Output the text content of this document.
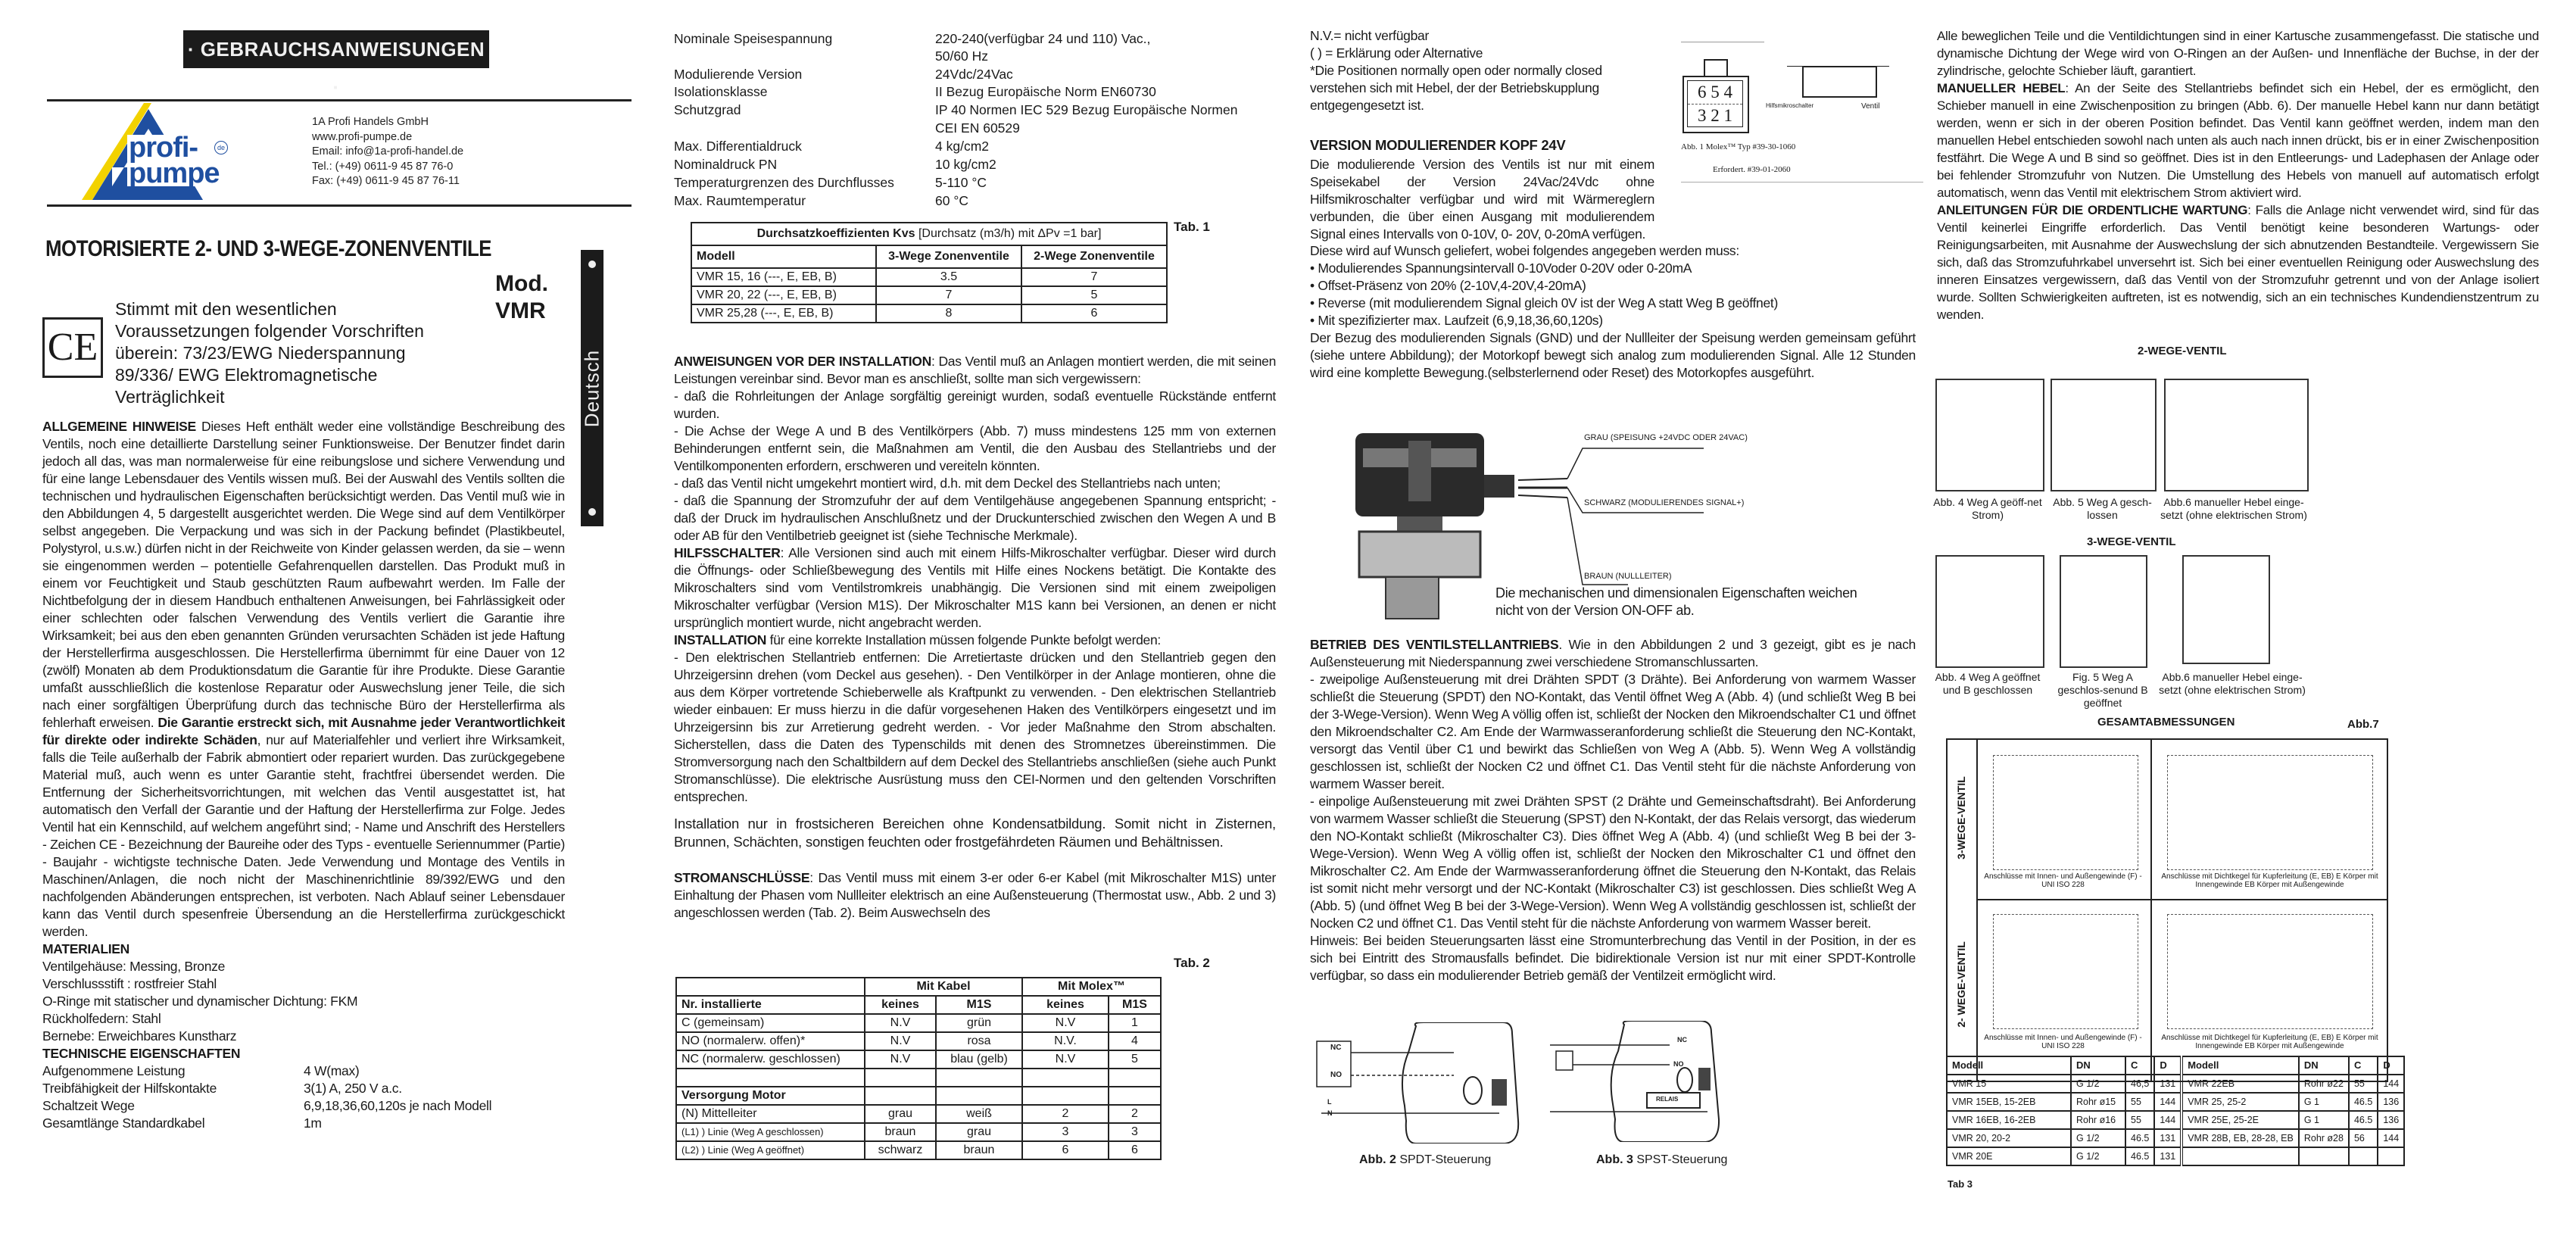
· GEBRAUCHSANWEISUNGEN ·
profi-
pumpe
de
1A Profi Handels GmbH
www.profi-pumpe.de
Email: info@1a-profi-handel.de
Tel.: (+49) 0611-9 45 87 76-0
Fax: (+49) 0611-9 45 87 76-11
MOTORISIERTE 2- UND 3-WEGE-ZONENVENTILE
Mod.
VMR
CE
Stimmt mit den wesentlichen
Voraussetzungen folgender Vorschriften
überein: 73/23/EWG Niederspannung
89/336/ EWG Elektromagnetische
Verträglichkeit	Deutsch

ALLGEMEINE HINWEISE Dieses Heft enthält weder eine vollständige Beschreibung des Ventils, noch eine detaillierte Darstellung seiner Funktionsweise. Der Benutzer findet darin jedoch all das, was man normalerweise für eine reibungslose und sichere Verwendung und für eine lange Lebensdauer des Ventils wissen muß. Bei der Auswahl des Ventils sollten die technischen und hydraulischen Eigenschaften berücksichtigt werden. Das Ventil muß wie in den Abbildungen 4, 5 dargestellt ausgerichtet werden. Die Wege sind auf dem Ventilkörper selbst angegeben. Die Verpackung und was sich in der Packung befindet (Plastikbeutel, Polystyrol, u.s.w.) dürfen nicht in der Reichweite von Kinder gelassen werden, da sie – wenn sie eingenommen werden – potentielle Gefahrenquellen darstellen. Das Produkt muß in einem vor Feuchtigkeit und Staub geschützten Raum aufbewahrt werden. Im Falle der Nichtbefolgung der in diesem Handbuch enthaltenen Anweisungen, bei Fahrlässigkeit oder einer schlechten oder falschen Verwendung des Ventils verliert die Garantie ihre Wirksamkeit; bei aus den eben genannten Gründen verursachten Schäden ist jede Haftung der Herstellerfirma ausgeschlossen. Die Herstellerfirma übernimmt für eine Dauer von 12 (zwölf) Monaten ab dem Produktionsdatum die Garantie für ihre Produkte. Diese Garantie umfaßt ausschließlich die kostenlose Reparatur oder Auswechslung jener Teile, die sich nach einer sorgfältigen Überprüfung durch das technische Büro der Herstellerfirma als fehlerhaft erweisen. Die Garantie erstreckt sich, mit Ausnahme jeder Verantwortlichkeit für direkte oder indirekte Schäden, nur auf Materialfehler und verliert ihre Wirksamkeit, falls die Teile außerhalb der Fabrik abmontiert oder repariert wurden. Das zurückgegebene Material muß, auch wenn es unter Garantie steht, frachtfrei übersendet werden. Die Entfernung der Sicherheitsvorrichtungen, mit welchen das Ventil ausgestattet ist, hat automatisch den Verfall der Garantie und der Haftung der Herstellerfirma zur Folge. Jedes Ventil hat ein Kennschild, auf welchem angeführt sind; - Name und Anschrift des Herstellers - Zeichen CE - Bezeichnung der Baureihe oder des Typs - eventuelle Seriennummer (Partie) - Baujahr - wichtigste technische Daten. Jede Verwendung und Montage des Ventils in Maschinen/Anlagen, die noch nicht der Maschinenrichtlinie 89/392/EWG und den nachfolgenden Abänderungen entsprechen, ist verboten. Nach Ablauf seiner Lebensdauer kann das Ventil durch spesenfreie Übersendung an die Herstellerfirma zurückgeschickt werden.

MATERIALIEN

Ventilgehäuse: Messing, Bronze

Verschlussstift : rostfreier Stahl

O-Ringe mit statischer und dynamischer Dichtung: FKM

Rückholfedern: Stahl

Bernebe: Erweichbares Kunstharz

TECHNISCHE EIGENSCHAFTEN

Aufgenommene Leistung	4 W(max)
Treibfähigkeit der Hilfskontakte	3(1) A, 250 V a.c.
Schaltzeit Wege	6,9,18,36,60,120s je nach Modell
Gesamtlänge Standardkabel	1m
Nominale Speisespannung	220-240(verfügbar 24 und 110) Vac.,
50/60 Hz
Modulierende Version	24Vdc/24Vac
Isolationsklasse	II Bezug Europäische Norm EN60730
Schutzgrad	IP 40 Normen IEC 529 Bezug Europäische Normen
CEI EN 60529
Max. Differentialdruck	4 kg/cm2
Nominaldruck PN	10 kg/cm2
Temperaturgrenzen des Durchflusses	5-110 °C
Max. Raumtemperatur	60 °C
Tab. 1
Durchsatzkoeffizienten Kvs [Durchsatz (m3/h) mit ΔPv =1 bar]		
Modell	3-Wege Zonenventile	2-Wege Zonenventile
VMR 15, 16 (---, E, EB, B)	3.5	7
VMR 20, 22 (---, E, EB, B)	7	5
VMR 25,28 (---, E, EB, B)	8	6

ANWEISUNGEN VOR DER INSTALLATION: Das Ventil muß an Anlagen montiert werden, die mit seinen Leistungen vereinbar sind. Bevor man es anschließt, sollte man sich vergewissern:

- daß die Rohrleitungen der Anlage sorgfältig gereinigt wurden, sodaß eventuelle Rückstände entfernt wurden.

- Die Achse der Wege A und B des Ventilkörpers (Abb. 7) muss mindestens 125 mm von externen Behinderungen entfernt sein, die Maßnahmen am Ventil, die den Ausbau des Stellantriebs und der Ventilkomponenten erfordern, erschweren und vereiteln könnten.

- daß das Ventil nicht umgekehrt montiert wird, d.h. mit dem Deckel des Stellantriebs nach unten;

- daß die Spannung der Stromzufuhr der auf dem Ventilgehäuse angegebenen Spannung entspricht; - daß der Druck im hydraulischen Anschlußnetz und der Druckunterschied zwischen den Wegen A und B oder AB für den Ventilbetrieb geeignet ist (siehe Technische Merkmale).

HILFSSCHALTER: Alle Versionen sind auch mit einem Hilfs-Mikroschalter verfügbar. Dieser wird durch die Öffnungs- oder Schließbewegung des Ventils mit Hilfe eines Nockens betätigt. Die Kontakte des Mikroschalters sind vom Ventilstromkreis unabhängig. Die Versionen sind mit einem zweipoligen Mikroschalter verfügbar (Version M1S). Der Mikroschalter M1S kann bei Versionen, an denen er nicht ursprünglich montiert wurde, nicht angebracht werden.

INSTALLATION für eine korrekte Installation müssen folgende Punkte befolgt werden:

- Den elektrischen Stellantrieb entfernen: Die Arretiertaste drücken und den Stellantrieb gegen den Uhrzeigersinn drehen (vom Deckel aus gesehen). - Den Ventilkörper in der Anlage montieren, ohne die aus dem Körper vortretende Schieberwelle als Kraftpunkt zu verwenden. - Den elektrischen Stellantrieb wieder einbauen: Er muss hierzu in die dafür vorgesehenen Haken des Ventilkörpers eingesetzt und im Uhrzeigersinn bis zur Arretierung gedreht werden. - Vor jeder Maßnahme den Strom abschalten. Sicherstellen, dass die Daten des Typenschilds mit denen des Stromnetzes übereinstimmen. Die Stromversorgung nach den Schaltbildern auf dem Deckel des Stellantriebs anschließen (siehe auch Punkt Stromanschlüsse). Die elektrische Ausrüstung muss den CEI-Normen und den geltenden Vorschriften entsprechen.

Installation nur in frostsicheren Bereichen ohne Kondensatbildung. Somit nicht in Zisternen, Brunnen, Schächten, sonstigen feuchten oder frostgefährdeten Räumen und Behältnissen.

STROMANSCHLÜSSE: Das Ventil muss mit einem 3-er oder 6-er Kabel (mit Mikroschalter M1S) unter Einhaltung der Phasen vom Nullleiter elektrisch an eine Außensteuerung (Thermostat usw., Abb. 2 und 3) angeschlossen werden (Tab. 2). Beim Auswechseln des

Tab. 2
	Mit Kabel		Mit Molex™	
Nr. installierte	keines	M1S	keines	M1S
C (gemeinsam)	N.V	grün	N.V	1
NO (normalerw. offen)*	N.V	rosa	N.V.	4
NC (normalerw. geschlossen)	N.V	blau (gelb)	N.V	5

Versorgung Motor				
(N) Mittelleiter	grau	weiß	2	2
(L1) ) Linie (Weg A geschlossen)	braun	grau	3	3
(L2) ) Linie (Weg A geöffnet)	schwarz	braun	6	6

N.V.= nicht verfügbar

( ) = Erklärung oder Alternative

*Die Positionen normally open oder normally closed verstehen sich mit Hebel, der der Betriebskupplung entgegengesetzt ist.

6 5 4
3 2 1
Hilfsmikroschalter	Ventil
Abb. 1 Molex™ Typ #39-30-1060
Erfordert. #39-01-2060

VERSION MODULIERENDER KOPF 24V

Die modulierende Version des Ventils ist nur mit einem Speisekabel der Version 24Vac/24Vdc ohne Hilfsmikroschalter verfügbar und wird mit Wärmereglern verbunden, die über einen Ausgang mit modulierendem Signal eines Intervalls von 0-10V, 0- 20V, 0-20mA verfügen.

Diese wird auf Wunsch geliefert, wobei folgendes angegeben werden muss:

• Modulierendes Spannungsintervall 0-10Voder 0-20V oder 0-20mA

• Offset-Präsenz von 20% (2-10V,4-20V,4-20mA)

• Reverse (mit modulierendem Signal gleich 0V ist der Weg A statt Weg B geöffnet)

• Mit spezifizierter max. Laufzeit (6,9,18,36,60,120s)

Der Bezug des modulierenden Signals (GND) und der Nullleiter der Speisung werden gemeinsam geführt (siehe untere Abbildung); der Motorkopf bewegt sich analog zum modulierenden Signal. Alle 12 Stunden wird eine komplette Bewegung.(selbsterlernend oder Reset) des Motorkopfes ausgeführt.

GRAU (SPEISUNG +24VDC ODER 24VAC)
SCHWARZ (MODULIERENDES SIGNAL+)
BRAUN (NULLLEITER)
Die mechanischen und dimensionalen Eigenschaften weichen nicht von der Version ON-OFF ab.

BETRIEB DES VENTILSTELLANTRIEBS. Wie in den Abbildungen 2 und 3 gezeigt, gibt es je nach Außensteuerung mit Niederspannung zwei verschiedene Stromanschlussarten.

- zweipolige Außensteuerung mit drei Drähten SPDT (3 Drähte). Bei Anforderung von warmem Wasser schließt die Steuerung (SPDT) den NO-Kontakt, das Ventil öffnet Weg A (Abb. 4) (und schließt Weg B bei der 3-Wege-Version). Wenn Weg A völlig offen ist, schließt der Nocken den Mikroendschalter C1 und öffnet den Mikroendschalter C2. Am Ende der Warmwasseranforderung schließt die Steuerung den NC-Kontakt, versorgt das Ventil über C1 und bewirkt das Schließen von Weg A (Abb. 5). Wenn Weg A vollständig geschlossen ist, schließt der Nocken C2 und öffnet C1. Das Ventil steht für die nächste Anforderung von warmem Wasser bereit.

- einpolige Außensteuerung mit zwei Drähten SPST (2 Drähte und Gemeinschaftsdraht). Bei Anforderung von warmem Wasser schließt die Steuerung (SPST) den N-Kontakt, der das Relais versorgt, das wiederum den NO-Kontakt schließt (Mikroschalter C3). Dies öffnet Weg A (Abb. 4) (und schließt Weg B bei der 3-Wege-Version). Wenn Weg A völlig offen ist, schließt der Nocken den Mikroschalter C1 und öffnet den Mikroschalter C2. Am Ende der Warmwasseranforderung öffnet die Steuerung den N-Kontakt, das Relais ist somit nicht mehr versorgt und der NC-Kontakt (Mikroschalter C3) ist geschlossen. Dies schließt Weg A (Abb. 5) (und öffnet Weg B bei der 3-Wege-Version). Wenn Weg A vollständig geschlossen ist, schließt der Nocken C2 und öffnet C1. Das Ventil steht für die nächste Anforderung von warmem Wasser bereit.

Hinweis: Bei beiden Steuerungsarten lässt eine Stromunterbrechung das Ventil in der Position, in der es sich bei Eintritt des Stromausfalls befindet. Die bidirektionale Version ist nur mit einer SPDT-Kontrolle verfügbar, so dass ein modulierender Betrieb gemäß der Ventilzeit ermöglicht wird.

NC
NO
L
N
Abb. 2 SPDT-Steuerung
NC
NO
RELAIS
Abb. 3 SPST-Steuerung

Alle beweglichen Teile und die Ventildichtungen sind in einer Kartusche zusammengefasst. Die statische und dynamische Dichtung der Wege wird von O-Ringen an der Außen- und Innenfläche der Buchse, in der der zylindrische, gelochte Schieber läuft, garantiert.

MANUELLER HEBEL: An der Seite des Stellantriebs befindet sich ein Hebel, der es ermöglicht, den Schieber manuell in eine Zwischenposition zu bringen (Abb. 6). Der manuelle Hebel kann nur dann betätigt werden, wenn er sich in der oberen Position befindet. Das Ventil kann geöffnet werden, indem man den manuellen Hebel entschieden sowohl nach unten als auch nach innen drückt, bis er in einer Zwischenposition festfährt. Die Wege A und B sind so geöffnet. Dies ist in den Entleerungs- und Ladephasen der Anlage oder bei fehlender Stromzufuhr von Nutzen. Die Umstellung des Hebels von manuell auf automatisch erfolgt automatisch, wenn das Ventil mit elektrischem Strom aktiviert wird.

ANLEITUNGEN FÜR DIE ORDENTLICHE WARTUNG: Falls die Anlage nicht verwendet wird, sind für das Ventil keinerlei Eingriffe erforderlich. Das Ventil benötigt keine besonderen Wartungs- oder Reinigungsarbeiten, mit Ausnahme der Auswechslung der sich abnutzenden Bestandteile. Vergewissern Sie sich, daß das Stromzufuhrkabel unversehrt ist. Sich bei einer eventuellen Reinigung oder Auswechslung des inneren Einsatzes vergewissern, daß das Ventil von der Stromzufuhr getrennt und von der Anlage isoliert wurde. Sollten Schwierigkeiten auftreten, ist es notwendig, sich an ein technisches Kundendienstzentrum zu wenden.

2-WEGE-VENTIL
Abb. 4 Weg A geöff-net Strom)
Abb. 5 Weg A gesch-lossen
Abb.6 manueller Hebel einge-setzt (ohne elektrischen Strom)
3-WEGE-VENTIL
Abb. 4 Weg A geöffnet und B geschlossen
Fig. 5 Weg A geschlos-senund B geöffnet
Abb.6 manueller Hebel einge-setzt (ohne elektrischen Strom)
GESAMTABMESSUNGEN	Abb.7
3-WEGE-VENTIL
2- WEGE-VENTIL
Anschlüsse mit Innen- und Außengewinde (F) - UNI ISO 228
Anschlüsse mit Dichtkegel für Kupferleitung (E, EB) E Körper mit Innengewinde EB Körper mit Außengewinde
Anschlüsse mit Innen- und Außengewinde (F) - UNI ISO 228
Anschlüsse mit Dichtkegel für Kupferleitung (E, EB) E Körper mit Innengewinde EB Körper mit Außengewinde
Modell	DN	C	D	Modell	DN	C	D
VMR 15	G 1/2	46,5	131	VMR 22EB	Rohr ø22	55	144
VMR 15EB, 15-2EB	Rohr ø15	55	144	VMR 25, 25-2	G 1	46.5	136
VMR 16EB, 16-2EB	Rohr ø16	55	144	VMR 25E, 25-2E	G 1	46.5	136
VMR 20, 20-2	G 1/2	46.5	131	VMR 28B, EB, 28-28, EB	Rohr ø28	56	144
VMR 20E	G 1/2	46.5	131				
Tab 3
